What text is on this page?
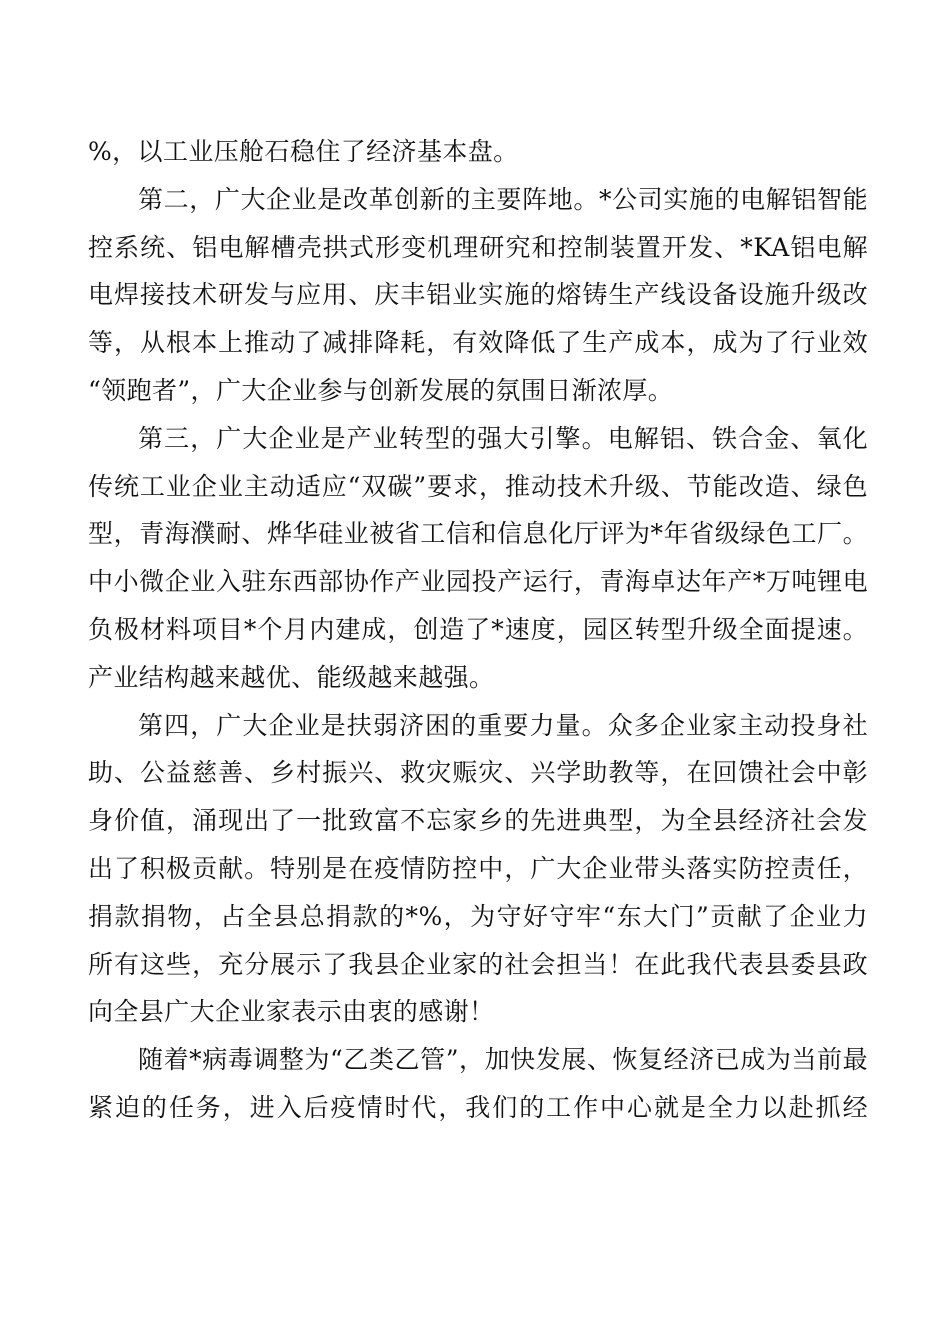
%，以工业压舱石稳住了经济基本盘。
第二，广大企业是改革创新的主要阵地。*公司实施的电解铝智能
控系统、铝电解槽壳拱式形变机理研究和控制装置开发、*KA铝电解
电焊接技术研发与应用、庆丰铝业实施的熔铸生产线设备设施升级改
等，从根本上推动了减排降耗，有效降低了生产成本，成为了行业效
“领跑者”，广大企业参与创新发展的氛围日渐浓厚。
第三，广大企业是产业转型的强大引擎。电解铝、铁合金、氧化
传统工业企业主动适应“双碳”要求，推动技术升级、节能改造、绿色
型，青海濮耐、烨华硅业被省工信和信息化厅评为*年省级绿色工厂。
中小微企业入驻东西部协作产业园投产运行，青海卓达年产*万吨锂电
负极材料项目*个月内建成，创造了*速度，园区转型升级全面提速。
产业结构越来越优、能级越来越强。
第四，广大企业是扶弱济困的重要力量。众多企业家主动投身社
助、公益慈善、乡村振兴、救灾赈灾、兴学助教等，在回馈社会中彰
身价值，涌现出了一批致富不忘家乡的先进典型，为全县经济社会发
出了积极贡献。特别是在疫情防控中，广大企业带头落实防控责任，
捐款捐物，占全县总捐款的*%，为守好守牢“东大门”贡献了企业力
所有这些，充分展示了我县企业家的社会担当！在此我代表县委县政
向全县广大企业家表示由衷的感谢！
随着*病毒调整为“乙类乙管”，加快发展、恢复经济已成为当前最
紧迫的任务，进入后疫情时代，我们的工作中心就是全力以赴抓经
